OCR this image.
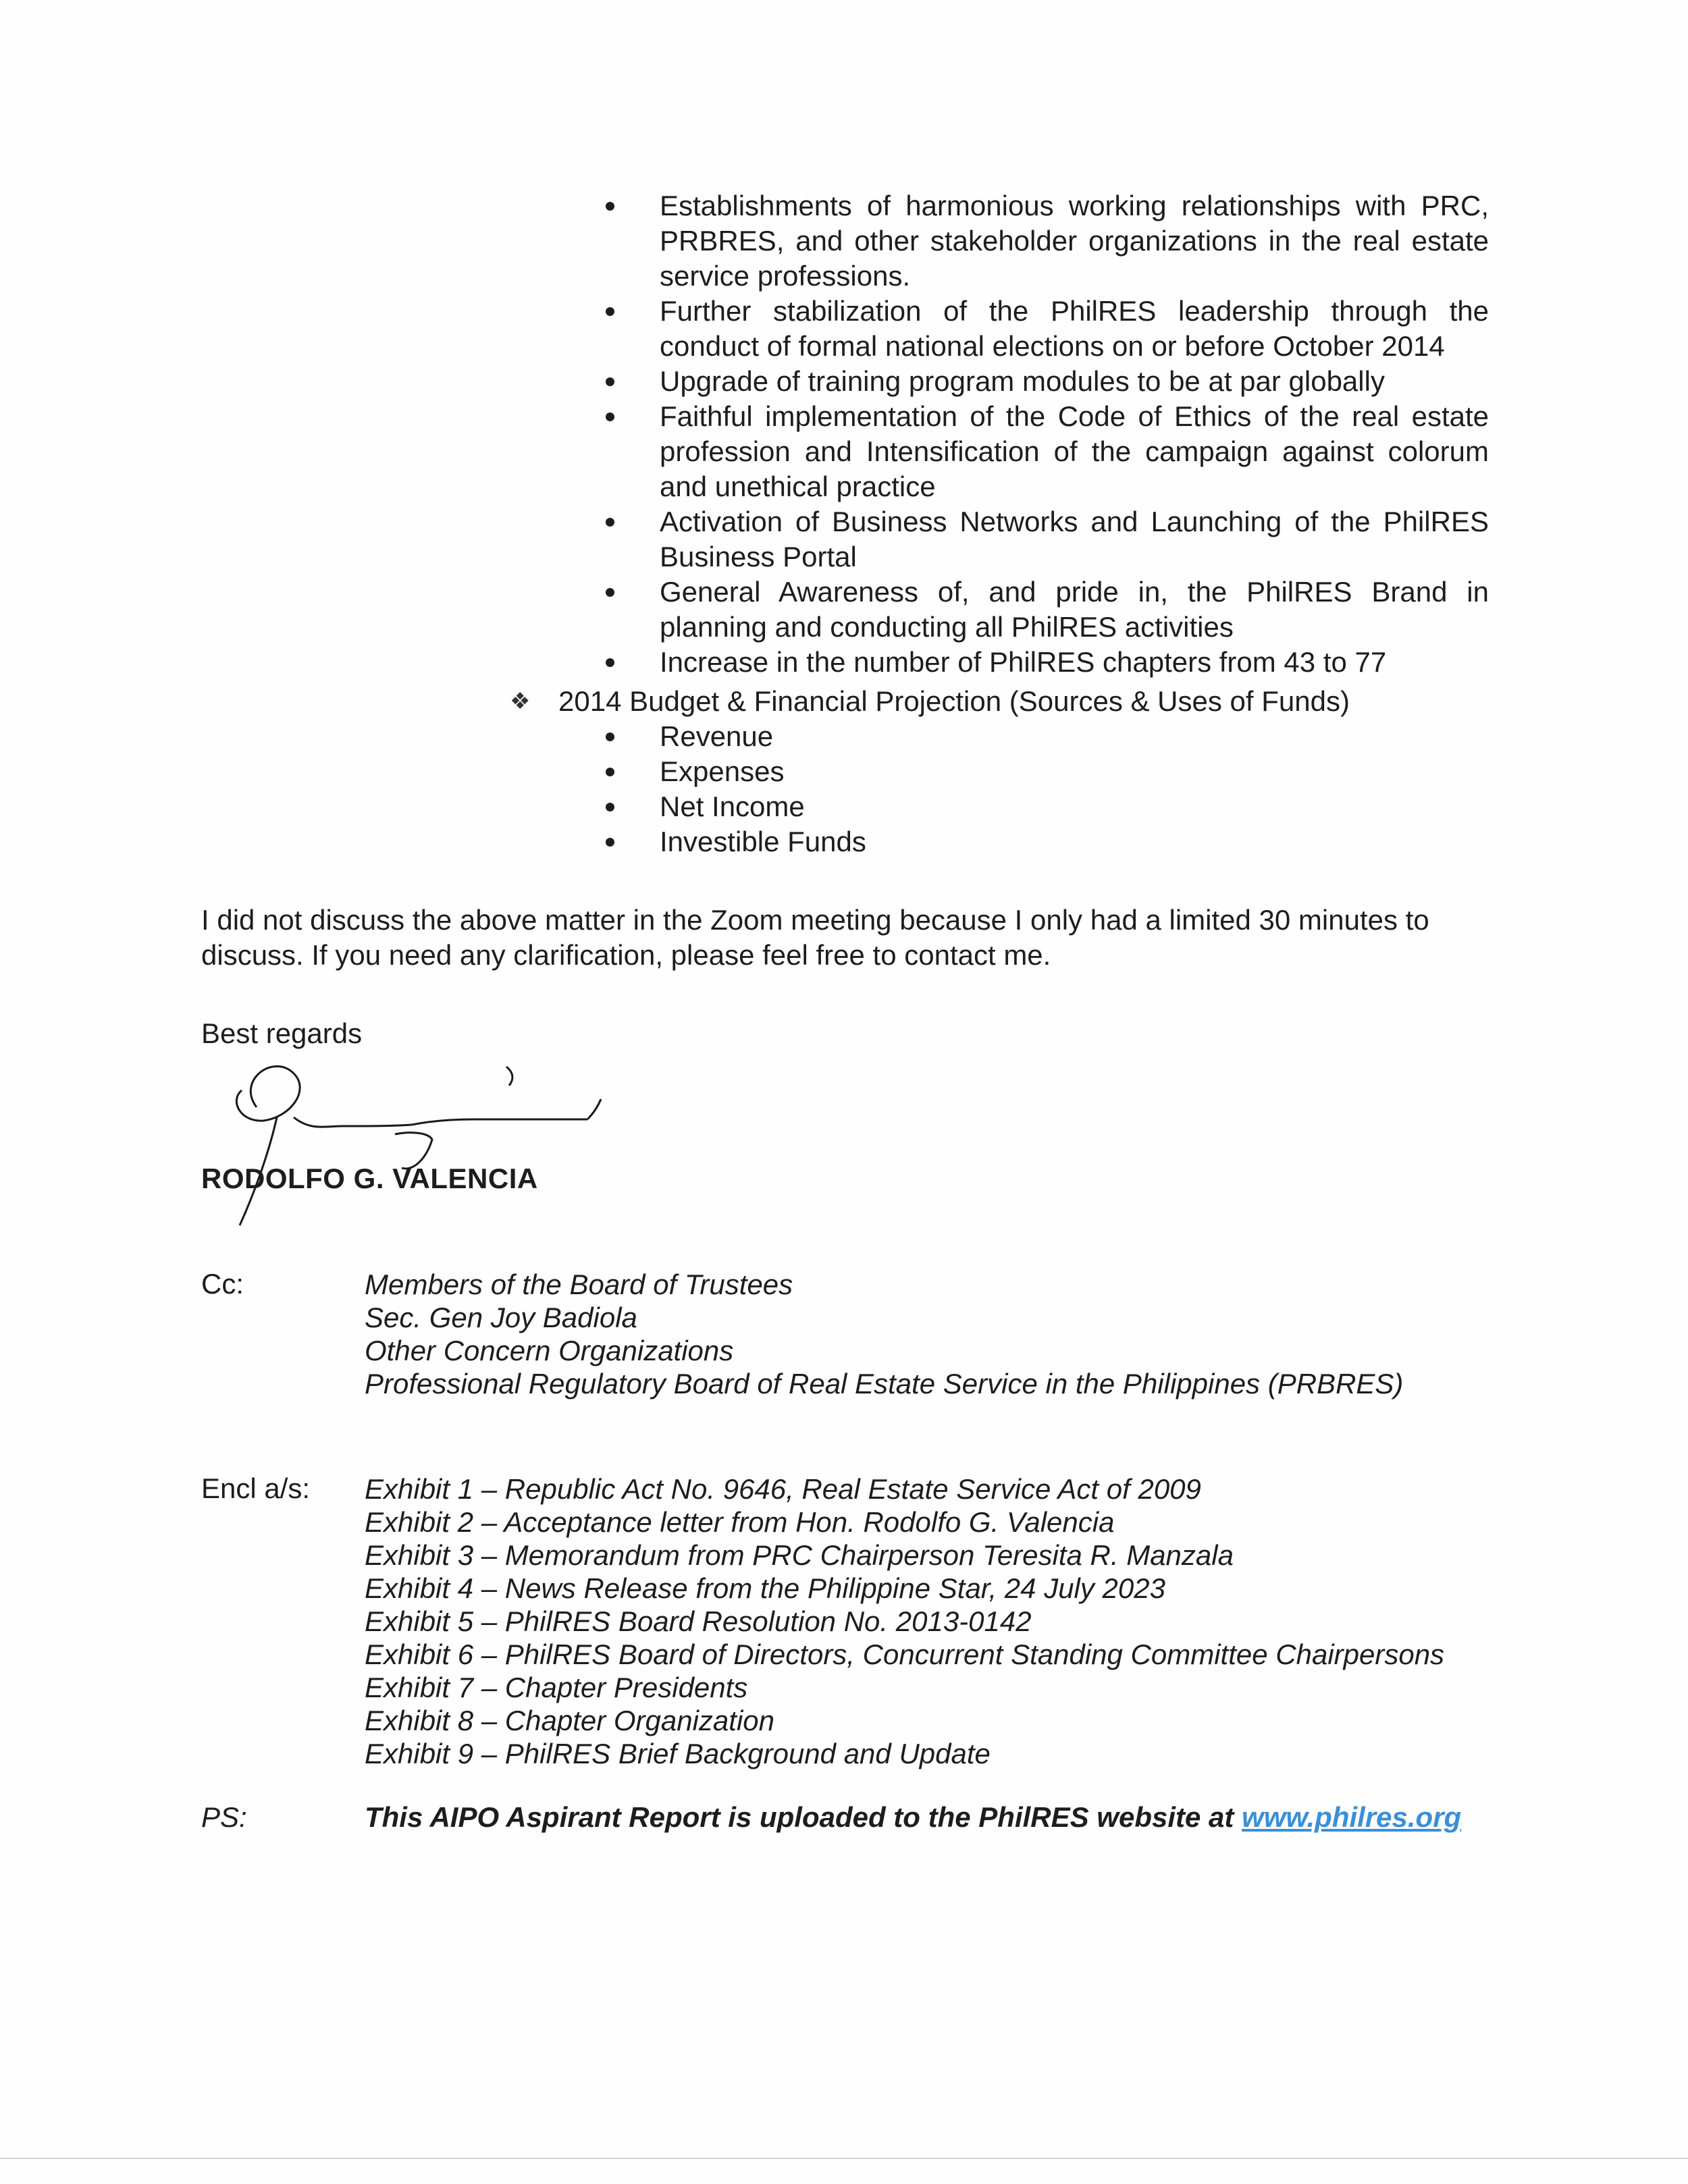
Establishments of harmonious working relationships with PRC, PRBRES, and other stakeholder organizations in the real estate service professions.
Further stabilization of the PhilRES leadership through the conduct of formal national elections on or before October 2014
Upgrade of training program modules to be at par globally
Faithful implementation of the Code of Ethics of the real estate profession and Intensification of the campaign against colorum and unethical practice
Activation of Business Networks and Launching of the PhilRES Business Portal
General Awareness of, and pride in, the PhilRES Brand in planning and conducting all PhilRES activities
Increase in the number of PhilRES chapters from 43 to 77
❖ 2014 Budget & Financial Projection (Sources & Uses of Funds)
Revenue
Expenses
Net Income
Investible Funds
I did not discuss the above matter in the Zoom meeting because I only had a limited 30 minutes to discuss. If you need any clarification, please feel free to contact me.
Best regards
RODOLFO G. VALENCIA
Cc:	Members of the Board of Trustees
Sec. Gen Joy Badiola
Other Concern Organizations
Professional Regulatory Board of Real Estate Service in the Philippines (PRBRES)
Encl a/s: Exhibit 1 – Republic Act No. 9646, Real Estate Service Act of 2009
Exhibit 2 – Acceptance letter from Hon. Rodolfo G. Valencia
Exhibit 3 – Memorandum from PRC Chairperson Teresita R. Manzala
Exhibit 4 – News Release from the Philippine Star, 24 July 2023
Exhibit 5 – PhilRES Board Resolution No. 2013-0142
Exhibit 6 – PhilRES Board of Directors, Concurrent Standing Committee Chairpersons
Exhibit 7 – Chapter Presidents
Exhibit 8 – Chapter Organization
Exhibit 9 – PhilRES Brief Background and Update
PS:	This AIPO Aspirant Report is uploaded to the PhilRES website at www.philres.org
